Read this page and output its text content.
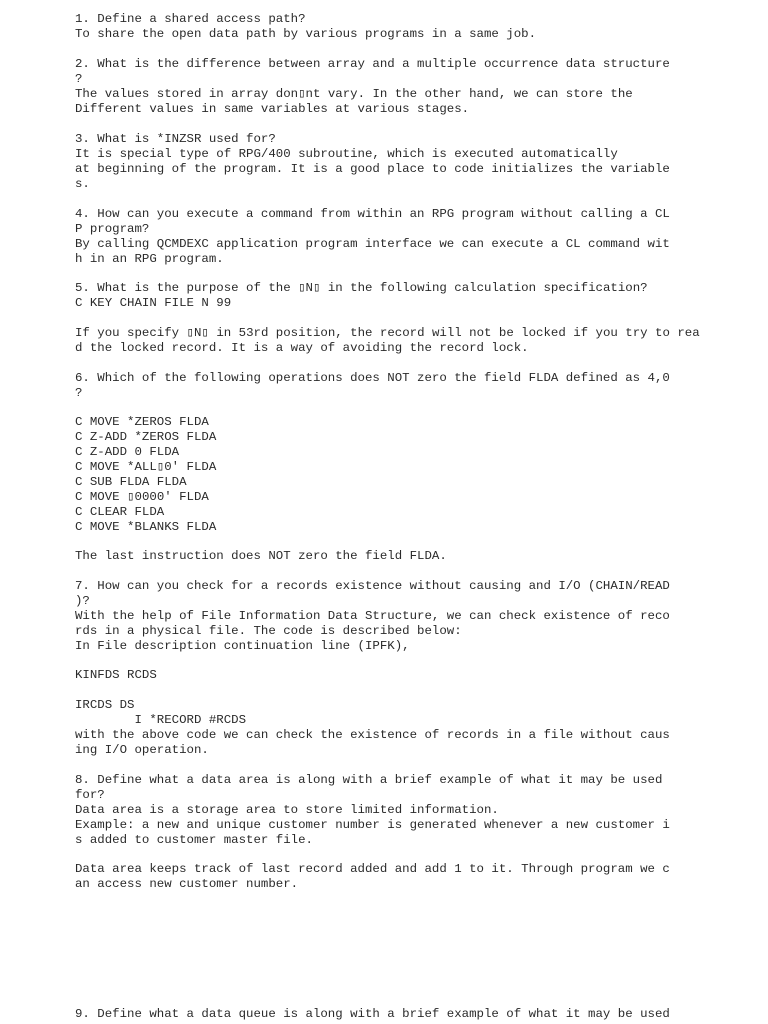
1. Define a shared access path?
To share the open data path by various programs in a same job.
2. What is the difference between array and a multiple occurrence data structure
?
The values stored in array don▯nt vary. In the other hand, we can store the
Different values in same variables at various stages.
3. What is *INZSR used for?
It is special type of RPG/400 subroutine, which is executed automatically
at beginning of the program. It is a good place to code initializes the variable
s.
4. How can you execute a command from within an RPG program without calling a CL
P program?
By calling QCMDEXC application program interface we can execute a CL command wit
h in an RPG program.
5. What is the purpose of the ▯N▯ in the following calculation specification?
C KEY CHAIN FILE N 99
If you specify ▯N▯ in 53rd position, the record will not be locked if you try to rea
d the locked record. It is a way of avoiding the record lock.
6. Which of the following operations does NOT zero the field FLDA defined as 4,0
?
C MOVE *ZEROS FLDA
C Z-ADD *ZEROS FLDA
C Z-ADD 0 FLDA
C MOVE *ALL▯0' FLDA
C SUB FLDA FLDA
C MOVE ▯0000' FLDA
C CLEAR FLDA
C MOVE *BLANKS FLDA
The last instruction does NOT zero the field FLDA.
7. How can you check for a records existence without causing and I/O (CHAIN/READ
)?
With the help of File Information Data Structure, we can check existence of reco
rds in a physical file. The code is described below:
In File description continuation line (IPFK),
KINFDS RCDS
IRCDS DS
I *RECORD #RCDS
with the above code we can check the existence of records in a file without caus
ing I/O operation.
8. Define what a data area is along with a brief example of what it may be used
for?
Data area is a storage area to store limited information.
Example: a new and unique customer number is generated whenever a new customer i
s added to customer master file.
Data area keeps track of last record added and add 1 to it. Through program we c
an access new customer number.
9. Define what a data queue is along with a brief example of what it may be used
